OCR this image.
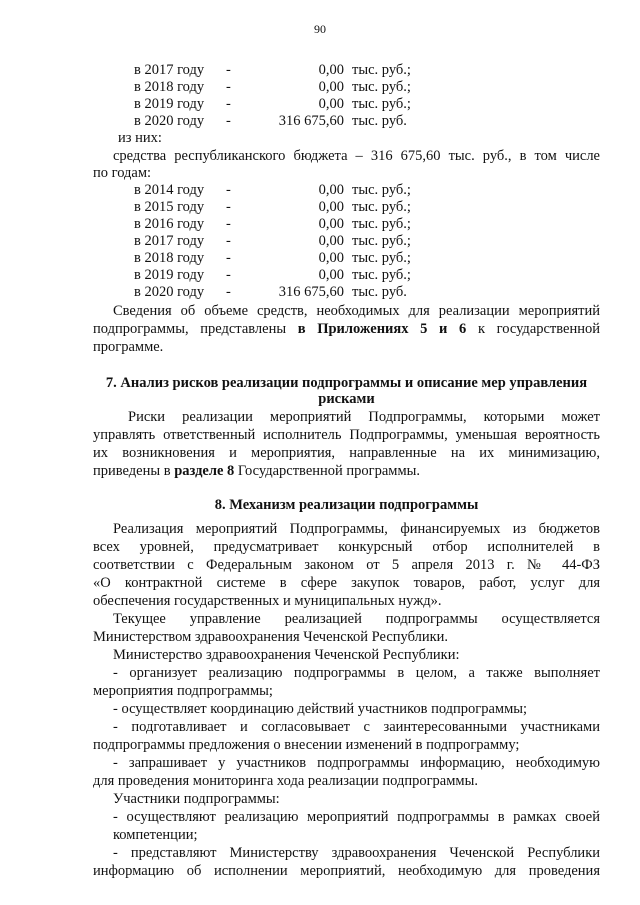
90
в 2017 году -	0,00 тыс. руб.;
в 2018 году -	0,00 тыс. руб.;
в 2019 году -	0,00 тыс. руб.;
в 2020 году -	316 675,60 тыс. руб.
из них:
средства республиканского бюджета – 316 675,60 тыс. руб., в том числе
по годам:
в 2014 году -	0,00 тыс. руб.;
в 2015 году -	0,00 тыс. руб.;
в 2016 году -	0,00 тыс. руб.;
в 2017 году -	0,00 тыс. руб.;
в 2018 году -	0,00 тыс. руб.;
в 2019 году -	0,00 тыс. руб.;
в 2020 году -	316 675,60 тыс. руб.
Сведения об объеме средств, необходимых для реализации мероприятий
подпрограммы, представлены в Приложениях 5 и 6 к государственной
программе.
7. Анализ рисков реализации подпрограммы и описание мер управления
рисками
Риски реализации мероприятий Подпрограммы, которыми может
управлять ответственный исполнитель Подпрограммы, уменьшая вероятность
их возникновения и мероприятия, направленные на их минимизацию,
приведены в разделе 8 Государственной программы.
8. Механизм реализации подпрограммы
Реализация мероприятий Подпрограммы, финансируемых из бюджетов
всех уровней, предусматривает конкурсный отбор исполнителей в
соответствии с Федеральным законом от 5 апреля 2013 г. № 44-ФЗ
«О контрактной системе в сфере закупок товаров, работ, услуг для
обеспечения государственных и муниципальных нужд».
Текущее управление реализацией подпрограммы осуществляется
Министерством здравоохранения Чеченской Республики.
Министерство здравоохранения Чеченской Республики:
- организует реализацию подпрограммы в целом, а также выполняет
мероприятия подпрограммы;
- осуществляет координацию действий участников подпрограммы;
- подготавливает и согласовывает с заинтересованными участниками
подпрограммы предложения о внесении изменений в подпрограмму;
- запрашивает у участников подпрограммы информацию, необходимую
для проведения мониторинга хода реализации подпрограммы.
Участники подпрограммы:
- осуществляют реализацию мероприятий подпрограммы в рамках своей
компетенции;
- представляют Министерству здравоохранения Чеченской Республики
информацию об исполнении мероприятий, необходимую для проведения
